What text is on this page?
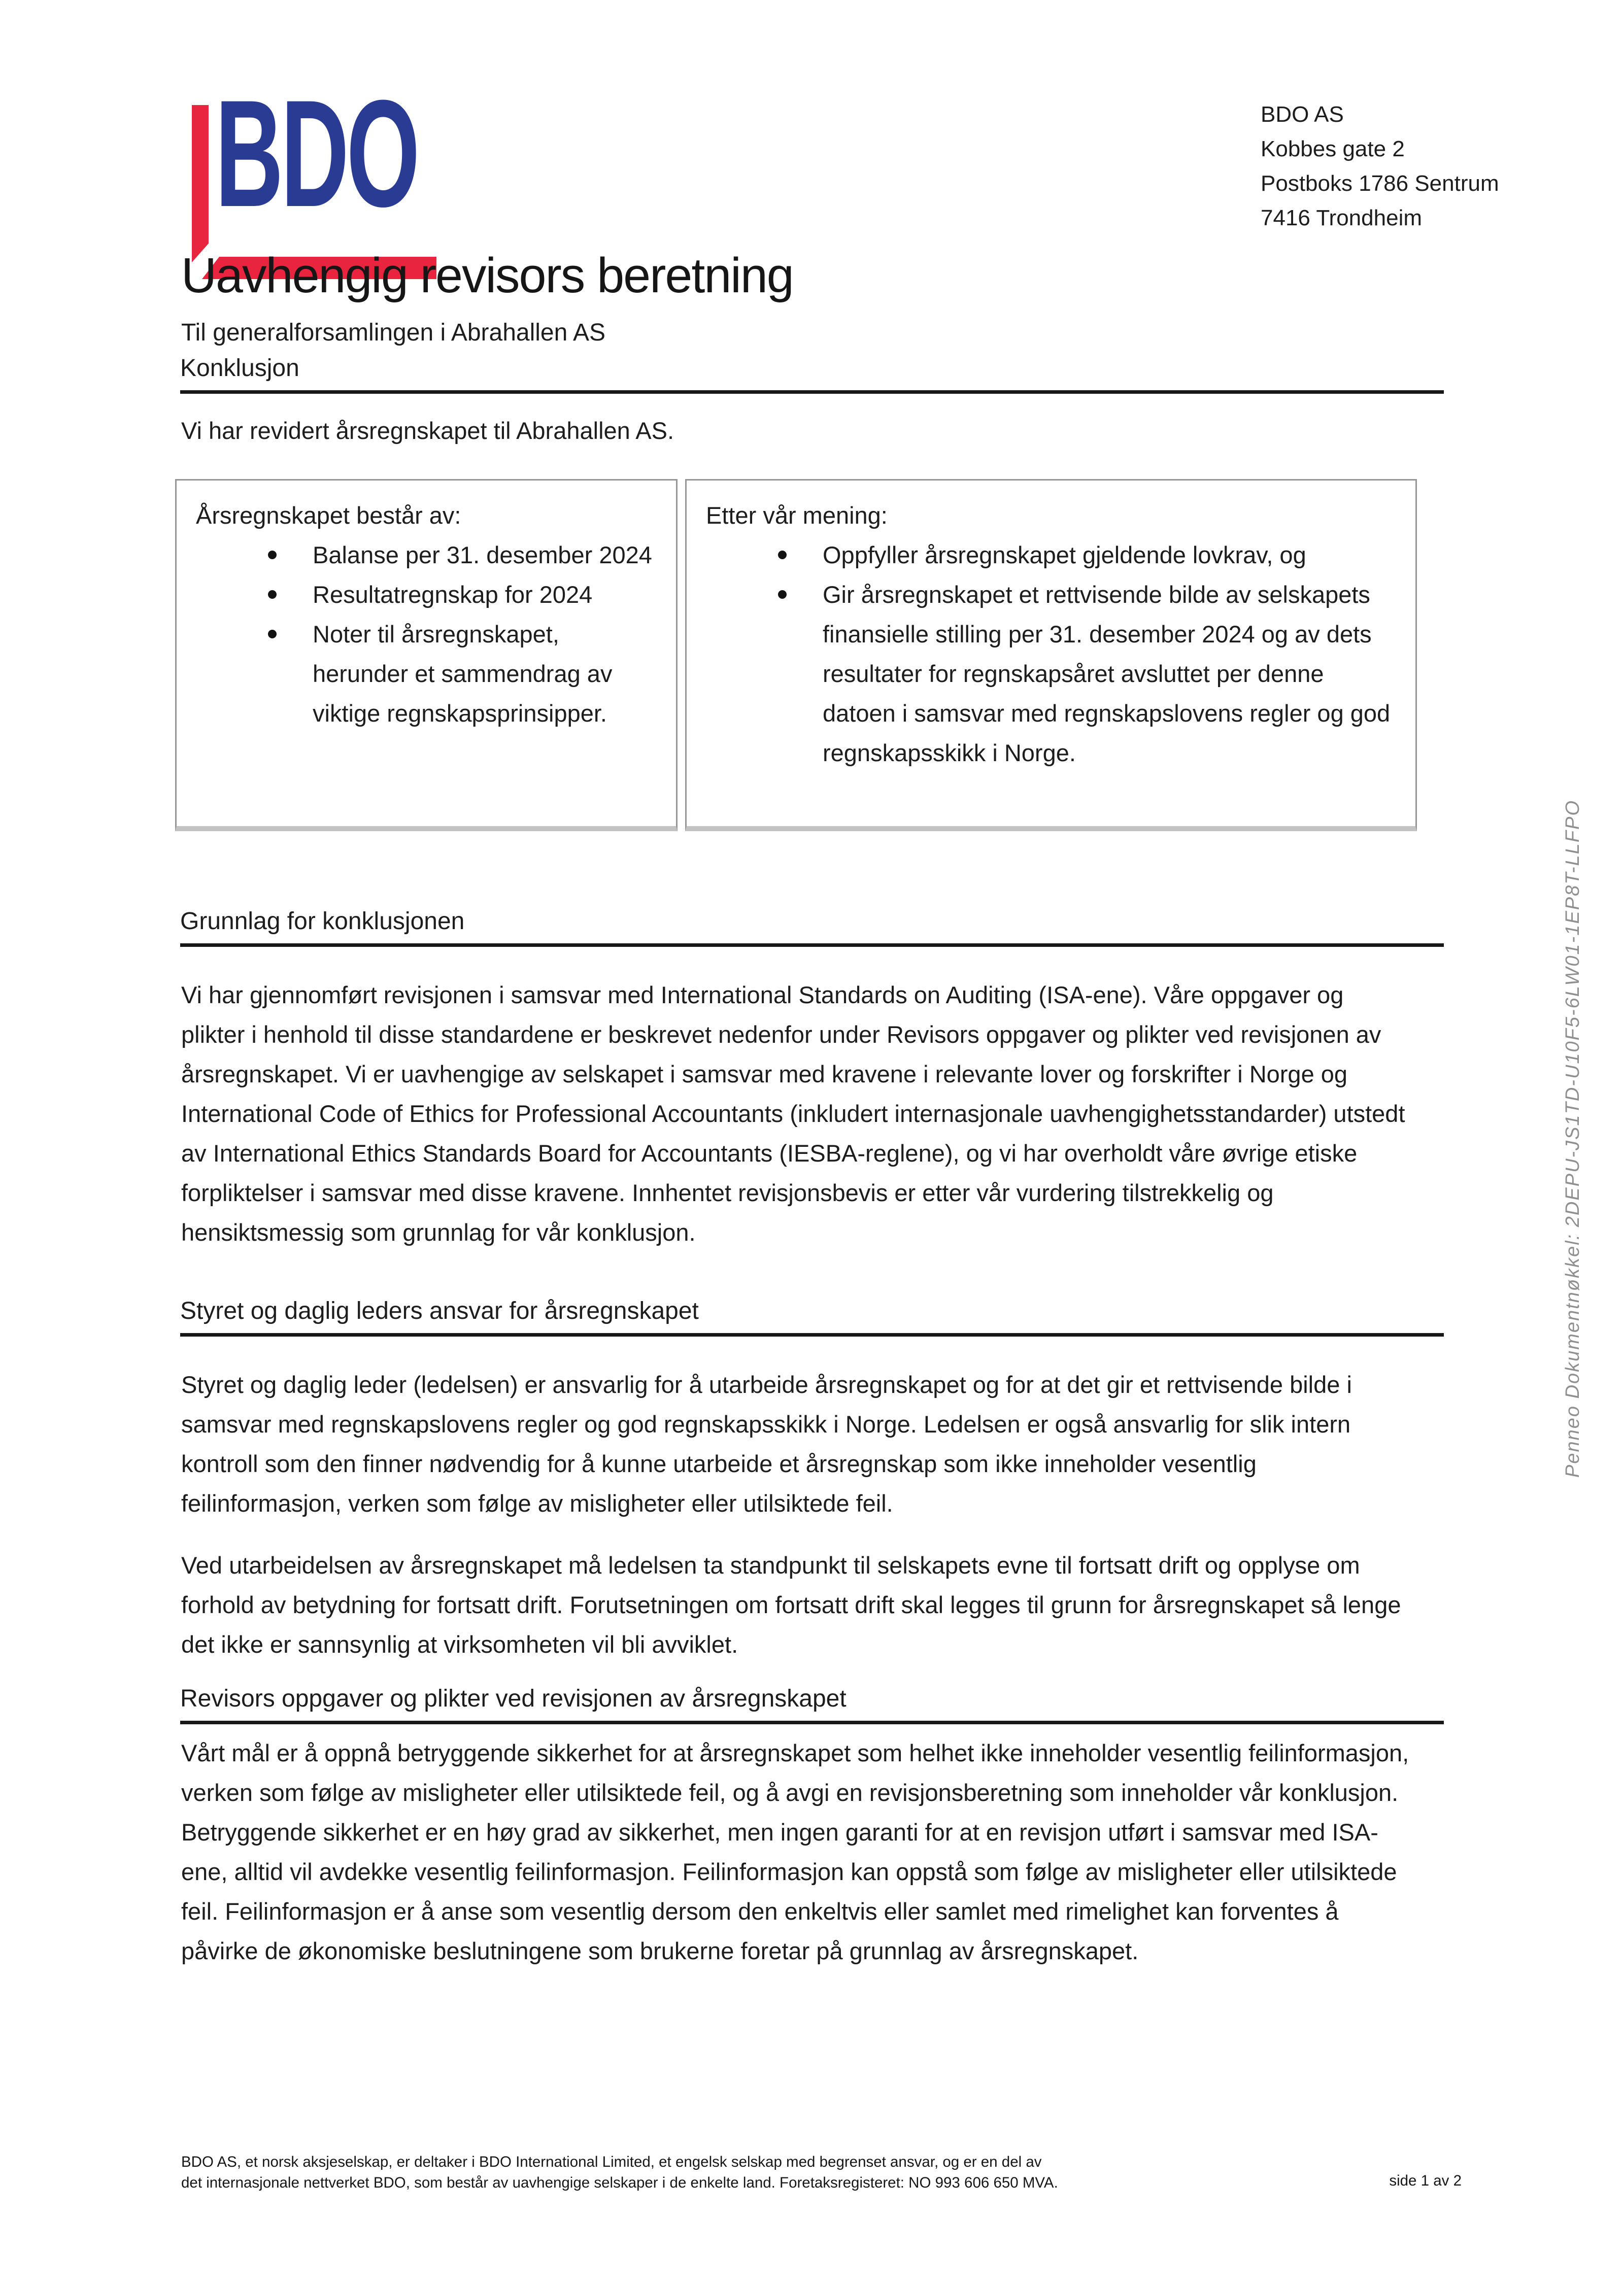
BDO	BDO AS
Kobbes gate 2
Postboks 1786 Sentrum
7416 Trondheim
Uavhengig revisors beretning
Til generalforsamlingen i Abrahallen AS
Konklusjon
Vi har revidert årsregnskapet til Abrahallen AS.
Årsregnskapet består av:
Balanse per 31. desember 2024
Resultatregnskap for 2024
Noter til årsregnskapet, herunder et sammendrag av viktige regnskapsprinsipper.
Etter vår mening:
Oppfyller årsregnskapet gjeldende lovkrav, og
Gir årsregnskapet et rettvisende bilde av selskapets finansielle stilling per 31. desember 2024 og av dets resultater for regnskapsåret avsluttet per denne datoen i samsvar med regnskapslovens regler og god regnskapsskikk i Norge.
Grunnlag for konklusjonen
Vi har gjennomført revisjonen i samsvar med International Standards on Auditing (ISA-ene). Våre oppgaver og plikter i henhold til disse standardene er beskrevet nedenfor under Revisors oppgaver og plikter ved revisjonen av årsregnskapet. Vi er uavhengige av selskapet i samsvar med kravene i relevante lover og forskrifter i Norge og International Code of Ethics for Professional Accountants (inkludert internasjonale uavhengighetsstandarder) utstedt av International Ethics Standards Board for Accountants (IESBA-reglene), og vi har overholdt våre øvrige etiske forpliktelser i samsvar med disse kravene. Innhentet revisjonsbevis er etter vår vurdering tilstrekkelig og hensiktsmessig som grunnlag for vår konklusjon.
Styret og daglig leders ansvar for årsregnskapet
Styret og daglig leder (ledelsen) er ansvarlig for å utarbeide årsregnskapet og for at det gir et rettvisende bilde i samsvar med regnskapslovens regler og god regnskapsskikk i Norge. Ledelsen er også ansvarlig for slik intern kontroll som den finner nødvendig for å kunne utarbeide et årsregnskap som ikke inneholder vesentlig feilinformasjon, verken som følge av misligheter eller utilsiktede feil.
Ved utarbeidelsen av årsregnskapet må ledelsen ta standpunkt til selskapets evne til fortsatt drift og opplyse om forhold av betydning for fortsatt drift. Forutsetningen om fortsatt drift skal legges til grunn for årsregnskapet så lenge det ikke er sannsynlig at virksomheten vil bli avviklet.
Revisors oppgaver og plikter ved revisjonen av årsregnskapet
Vårt mål er å oppnå betryggende sikkerhet for at årsregnskapet som helhet ikke inneholder vesentlig feilinformasjon, verken som følge av misligheter eller utilsiktede feil, og å avgi en revisjonsberetning som inneholder vår konklusjon. Betryggende sikkerhet er en høy grad av sikkerhet, men ingen garanti for at en revisjon utført i samsvar med ISA-ene, alltid vil avdekke vesentlig feilinformasjon. Feilinformasjon kan oppstå som følge av misligheter eller utilsiktede feil. Feilinformasjon er å anse som vesentlig dersom den enkeltvis eller samlet med rimelighet kan forventes å påvirke de økonomiske beslutningene som brukerne foretar på grunnlag av årsregnskapet.
Penneo Dokumentnøkkel: 2DEPU-JS1TD-U10F5-6LW01-1EP8T-LLFPO
BDO AS, et norsk aksjeselskap, er deltaker i BDO International Limited, et engelsk selskap med begrenset ansvar, og er en del av
det internasjonale nettverket BDO, som består av uavhengige selskaper i de enkelte land. Foretaksregisteret: NO 993 606 650 MVA.	side 1 av 2
